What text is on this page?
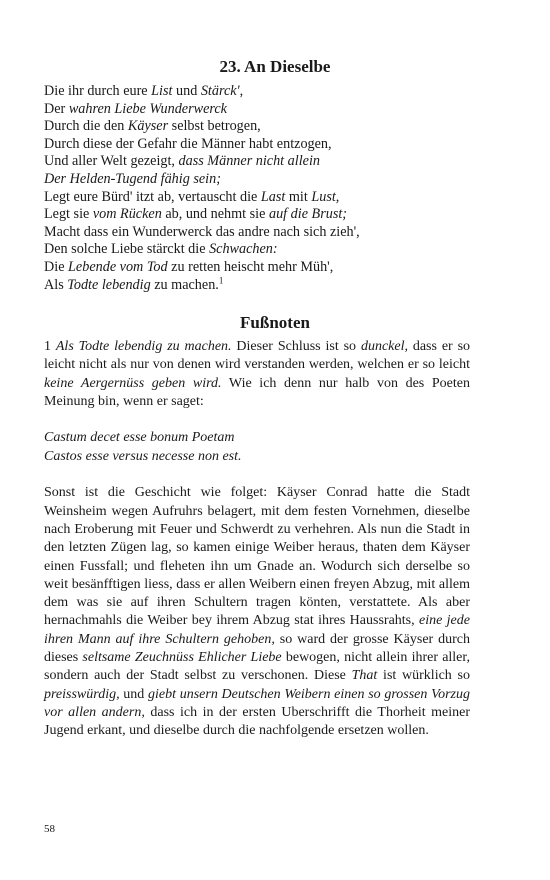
23. An Dieselbe
Die ihr durch eure List und Stärck',
Der wahren Liebe Wunderwerck
Durch die den Käyser selbst betrogen,
Durch diese der Gefahr die Männer habt entzogen,
Und aller Welt gezeigt, dass Männer nicht allein
Der Helden-Tugend fähig sein;
Legt eure Bürd' itzt ab, vertauscht die Last mit Lust,
Legt sie vom Rücken ab, und nehmt sie auf die Brust;
Macht dass ein Wunderwerck das andre nach sich zieh',
Den solche Liebe stärckt die Schwachen:
Die Lebende vom Tod zu retten heischt mehr Müh',
Als Todte lebendig zu machen.$^1$
Fußnoten

1 Als Todte lebendig zu machen. Dieser Schluss ist so dunckel, dass er so leicht nicht als nur von denen wird verstanden werden, welchen er so leicht keine Aergernüss geben wird. Wie ich denn nur halb von des Poeten Meinung bin, wenn er saget:

Castum decet esse bonum Poetam
Castos esse versus necesse non est.

Sonst ist die Geschicht wie folget: Käyser Conrad hatte die Stadt Weinsheim wegen Aufruhrs belagert, mit dem festen Vornehmen, dieselbe nach Eroberung mit Feuer und Schwerdt zu verhehren. Als nun die Stadt in den letzten Zügen lag, so kamen einige Weiber heraus, thaten dem Käyser einen Fussfall; und fleheten ihn um Gnade an. Wodurch sich derselbe so weit besänfftigen liess, dass er allen Weibern einen freyen Abzug, mit allem dem was sie auf ihren Schultern tragen könten, verstattete. Als aber hernachmahls die Weiber bey ihrem Abzug stat ihres Haussrahts, eine jede ihren Mann auf ihre Schultern gehoben, so ward der grosse Käyser durch dieses seltsame Zeuchnüss Ehlicher Liebe bewogen, nicht allein ihrer aller, sondern auch der Stadt selbst zu verschonen. Diese That ist würklich so preisswürdig, und giebt unsern Deutschen Weibern einen so grossen Vorzug vor allen andern, dass ich in der ersten Uberschrifft die Thorheit meiner Jugend erkant, und dieselbe durch die nachfolgende ersetzen wollen.

58
